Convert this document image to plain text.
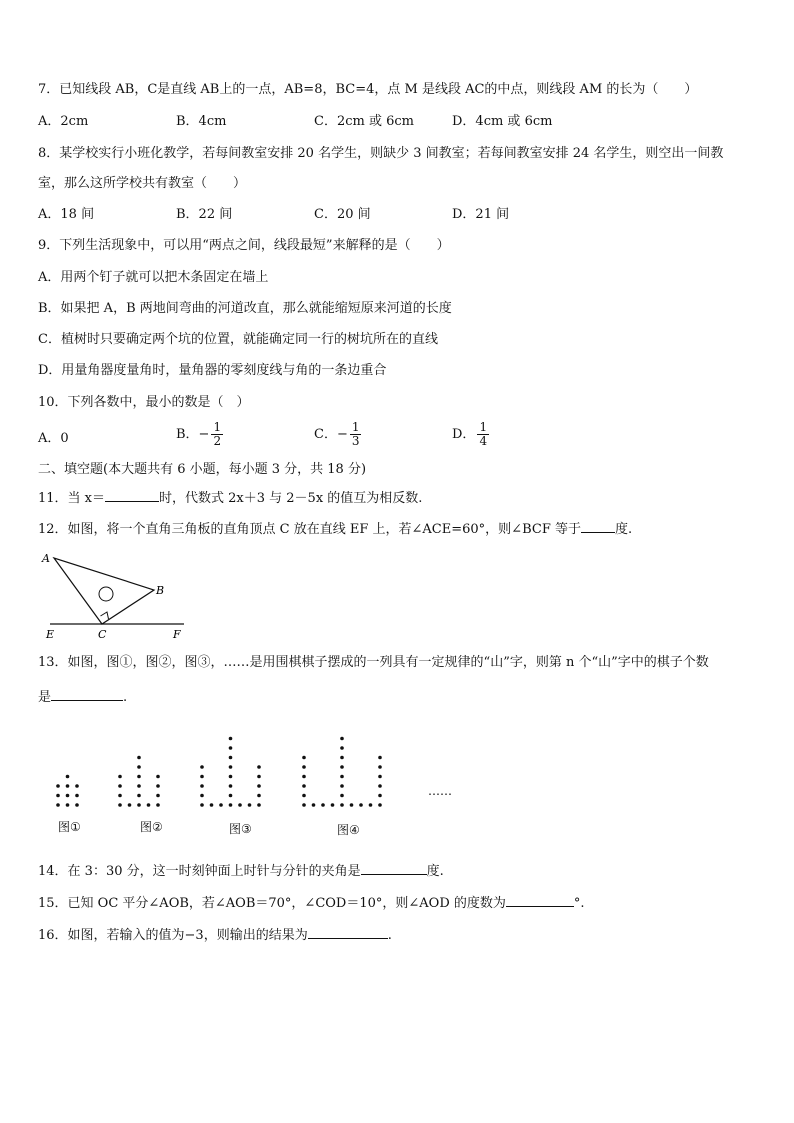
7．已知线段 AB，C是直线 AB上的一点，AB=8，BC=4，点 M 是线段 AC的中点，则线段 AM 的长为（　　）
A．2cm	B．4cm	C．2cm 或 6cm	D．4cm 或 6cm
8．某学校实行小班化教学，若每间教室安排 20 名学生，则缺少 3 间教室；若每间教室安排 24 名学生，则空出一间教
室，那么这所学校共有教室（　　）
A．18 间	B．22 间	C．20 间	D．21 间
9．下列生活现象中，可以用“两点之间，线段最短”来解释的是（　　）
A．用两个钉子就可以把木条固定在墙上
B．如果把 A，B 两地间弯曲的河道改直，那么就能缩短原来河道的长度
C．植树时只要确定两个坑的位置，就能确定同一行的树坑所在的直线
D．用量角器度量角时，量角器的零刻度线与角的一条边重合
10．下列各数中，最小的数是（　）
A．0	B．− $\frac{1}{2}$	C．− $\frac{1}{3}$	D． $\frac{1}{4}$
二、填空题(本大题共有 6 小题，每小题 3 分，共 18 分)
11．当 x＝	时，代数式 2x＋3 与 2－5x 的值互为相反数.
12．如图，将一个直角三角板的直角顶点 C 放在直线 EF 上，若∠ACE=60°，则∠BCF 等于	度.
A
B
C
E	F
13．如图，图①，图②，图③，……是用围棋棋子摆成的一列具有一定规律的“山”字，则第 n 个“山”字中的棋子个数
是	.
图①	图②	图③	图④
……
14．在 3：30 分，这一时刻钟面上时针与分针的夹角是	度.
15．已知 OC 平分∠AOB，若∠AOB＝70°，∠COD＝10°，则∠AOD 的度数为	°.
16．如图，若输入的值为−3，则输出的结果为	.
